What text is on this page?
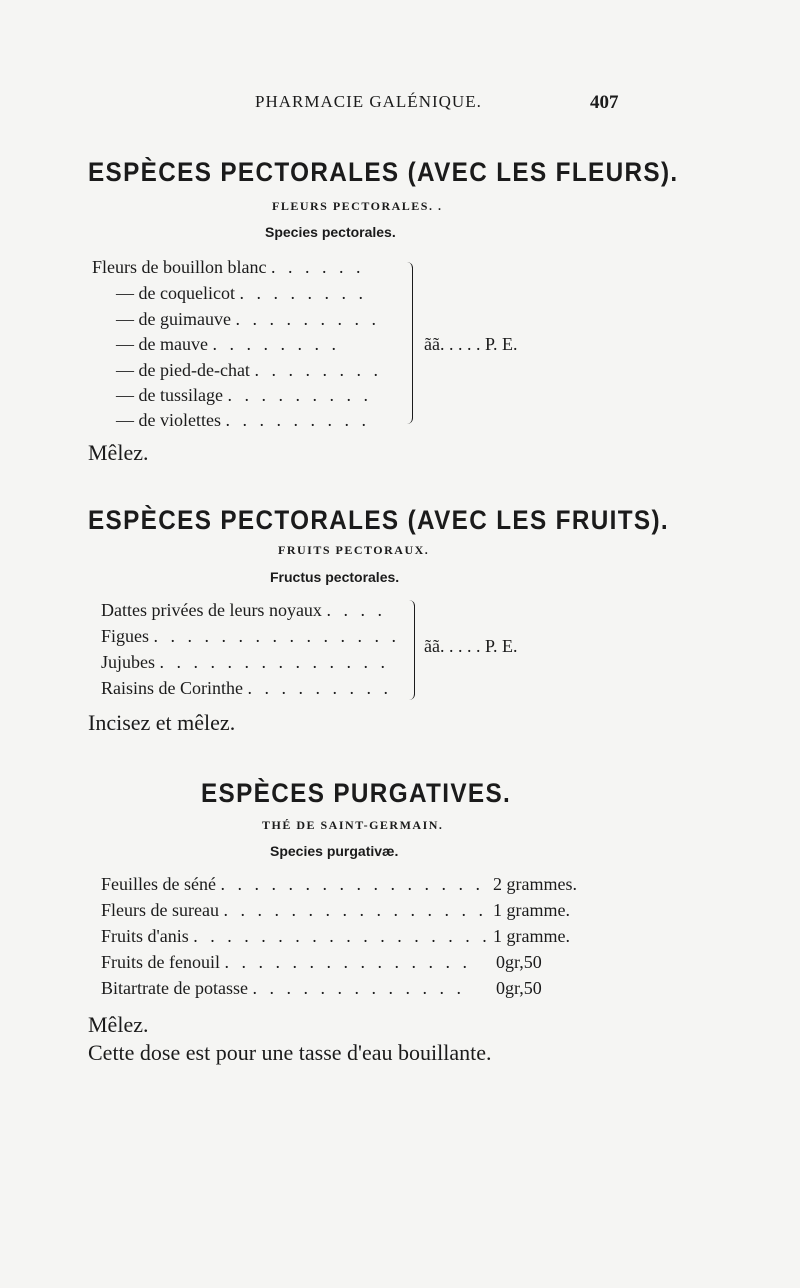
PHARMACIE GALÉNIQUE.	407
ESPÈCES PECTORALES (AVEC LES FLEURS).
FLEURS PECTORALES. .
Species pectorales.
Fleurs de bouillon blanc . . . . . .
— de coquelicot . . . . . . . .
— de guimauve . . . . . . . . .
— de mauve . . . . . . . .
— de pied-de-chat . . . . . . . .
— de tussilage . . . . . . . . .
— de violettes . . . . . . . . .
ãã. . . . . P. E.
Mêlez.
ESPÈCES PECTORALES (AVEC LES FRUITS).
FRUITS PECTORAUX.
Fructus pectorales.
Dattes privées de leurs noyaux . . . .
Figues . . . . . . . . . . . . . . .
Jujubes . . . . . . . . . . . . . .
Raisins de Corinthe . . . . . . . . .
ãã. . . . . P. E.
Incisez et mêlez.
ESPÈCES PURGATIVES.
THÉ DE SAINT-GERMAIN.
Species purgativæ.
Feuilles de séné . . . . . . . . . . . . . . . . 2 grammes.
Fleurs de sureau . . . . . . . . . . . . . . . . 1 gramme.
Fruits d'anis . . . . . . . . . . . . . . . . . . 1 gramme.
Fruits de fenouil . . . . . . . . . . . . . . . 0gr,50
Bitartrate de potasse . . . . . . . . . . . . . 0gr,50
Mêlez.
Cette dose est pour une tasse d'eau bouillante.
